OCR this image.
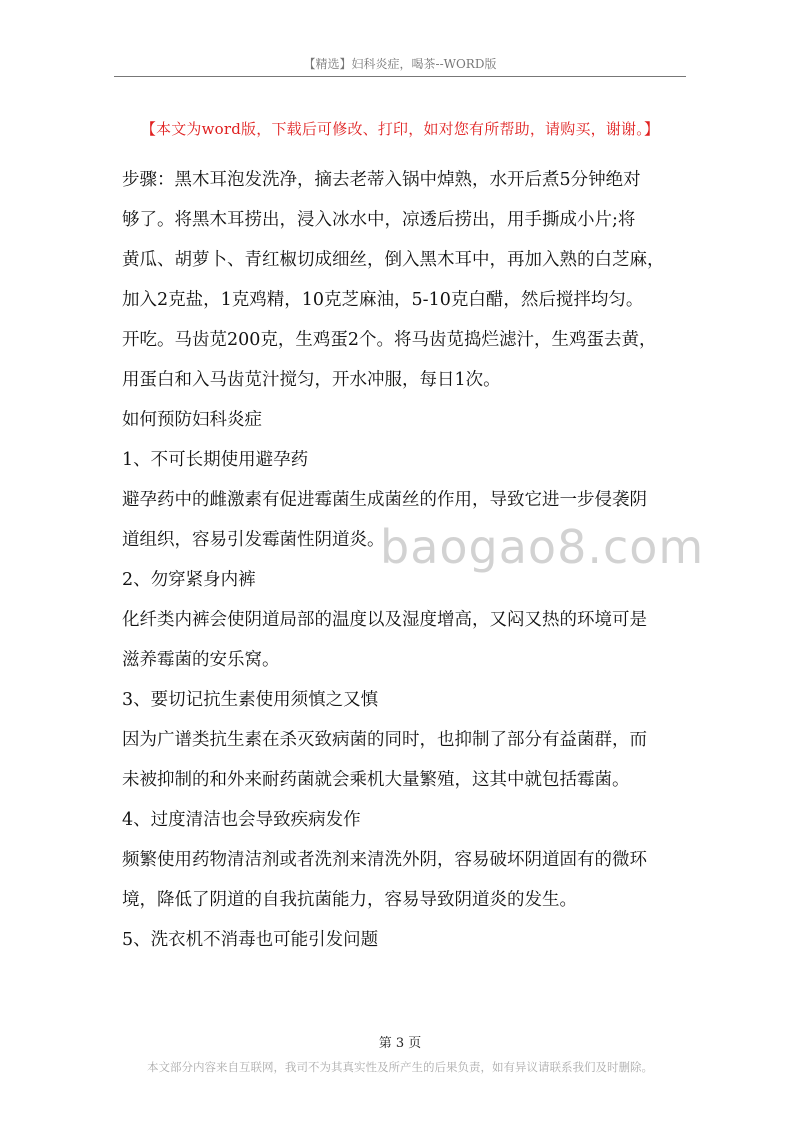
【精选】妇科炎症，喝茶--WORD版
【本文为word版，下载后可修改、打印，如对您有所帮助，请购买，谢谢。】

步骤：黑木耳泡发洗净，摘去老蒂入锅中焯熟，水开后煮5分钟绝对

够了。将黑木耳捞出，浸入冰水中，凉透后捞出，用手撕成小片;将

黄瓜、胡萝卜、青红椒切成细丝，倒入黑木耳中，再加入熟的白芝麻，

加入2克盐，1克鸡精，10克芝麻油，5-10克白醋，然后搅拌均匀。

开吃。马齿苋200克，生鸡蛋2个。将马齿苋捣烂滤汁，生鸡蛋去黄，

用蛋白和入马齿苋汁搅匀，开水冲服，每日1次。

如何预防妇科炎症

1、不可长期使用避孕药

避孕药中的雌激素有促进霉菌生成菌丝的作用，导致它进一步侵袭阴

道组织，容易引发霉菌性阴道炎。

2、勿穿紧身内裤

化纤类内裤会使阴道局部的温度以及湿度增高，又闷又热的环境可是

滋养霉菌的安乐窝。

3、要切记抗生素使用须慎之又慎

因为广谱类抗生素在杀灭致病菌的同时，也抑制了部分有益菌群，而

未被抑制的和外来耐药菌就会乘机大量繁殖，这其中就包括霉菌。

4、过度清洁也会导致疾病发作

频繁使用药物清洁剂或者洗剂来清洗外阴，容易破坏阴道固有的微环

境，降低了阴道的自我抗菌能力，容易导致阴道炎的发生。

5、洗衣机不消毒也可能引发问题

baogao8.com
第 3 页
本文部分内容来自互联网，我司不为其真实性及所产生的后果负责，如有异议请联系我们及时删除。
